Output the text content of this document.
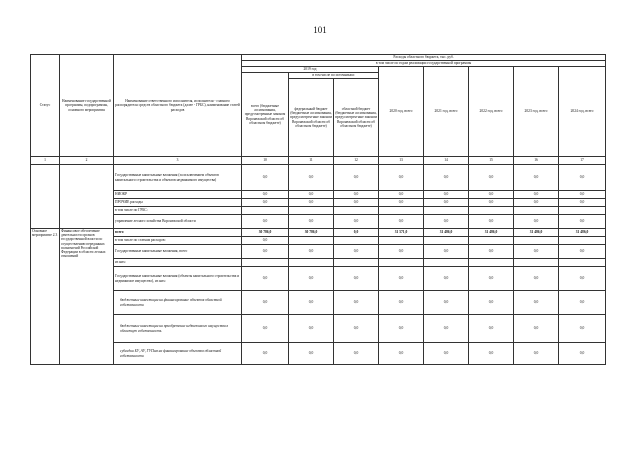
101
Статус	Наименование государственной программы, подпрограммы, основного мероприятия	Наименование ответственного исполнителя, исполнителя - главного распорядителя средств областного бюджета (далее - ГРБС), наименование статей расходов	Расходы областного бюджета, тыс. руб.							
			в том числе по годам реализации государственной программы							
			2019 год			2020 год, всего	2021 год, всего	2022 год, всего	2023 год, всего	2024 год, всего
			всего (бюджетные ассигнования, предусмотренные законом Воронежской области об областном бюджете)	в том числе по источникам:						
				федеральный бюджет (бюджетные ассигнования, предусмотрен-ные законом Воронежской области об областном бюджете)	областной бюджет (бюджетные ассигнования, предусмотрен-ные законом Воронежской области об областном бюджете)					
1	2	3	10	11	12	13	14	15	16	17
		Государственные капитальные вложения (за исключением объектов капитального строительства и объектов недвижимого имущества)	0,0	0,0	0,0	0,0	0,0	0,0	0,0	0,0
		НИОКР	0,0	0,0	0,0	0,0	0,0	0,0	0,0	0,0
		ПРОЧИЕ расходы	0,0	0,0	0,0	0,0	0,0	0,0	0,0	0,0
		в том числе по ГРБС:								
		управление лесного хозяйства Воронежской области	0,0	0,0	0,0	0,0	0,0	0,0	0,0	0,0
Основное мероприятие 2.3	Финансовое обеспечение деятельности органов государственной власти по осуществлению переданных полномочий Российской Федерации в области лесных отношений	всего	30 786,0	30 786,0	0,0	31 571,0	31 486,0	31 486,0	31 486,0	31 486,0
		в том числе по статьям расходов:	0,0							
		Государственные капитальные вложения, всего	0,0	0,0	0,0	0,0	0,0	0,0	0,0	0,0
		из них:								
		Государственные капитальные вложения (объекты капитального строительства и недвижимое имущество), из них:	0,0	0,0	0,0	0,0	0,0	0,0	0,0	0,0
		бюджетные инвестиции на финансирование объектов областной собственности	0,0	0,0	0,0	0,0	0,0	0,0	0,0	0,0
		бюджетные инвестиции на приобретение недвижимого имущества в областную собственность	0,0	0,0	0,0	0,0	0,0	0,0	0,0	0,0
		субсидии БУ, АУ, ГУПам на финансирование объектов областной собственности	0,0	0,0	0,0	0,0	0,0	0,0	0,0	0,0
